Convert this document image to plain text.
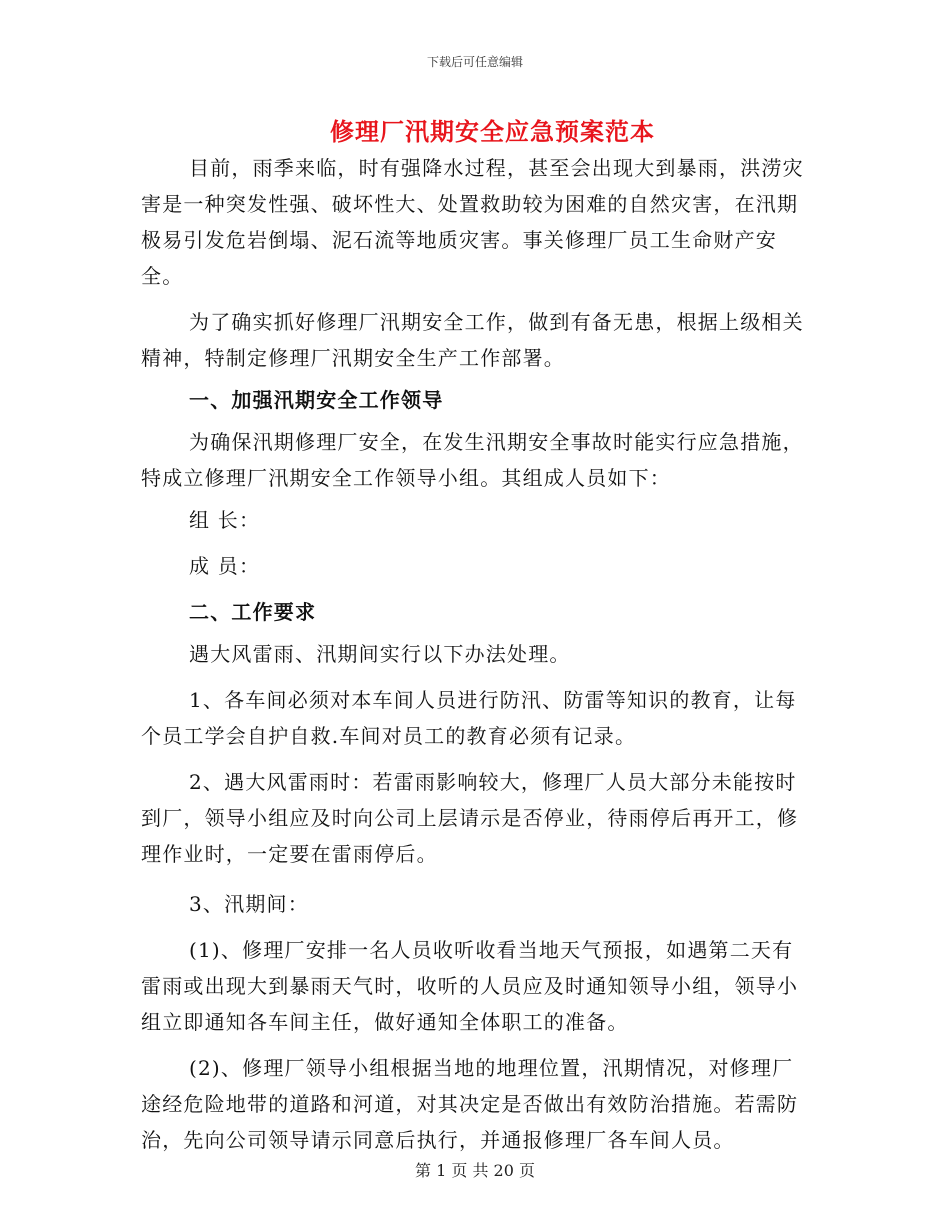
下载后可任意编辑
修理厂汛期安全应急预案范本

目前，雨季来临，时有强降水过程，甚至会出现大到暴雨，洪涝灾害是一种突发性强、破坏性大、处置救助较为困难的自然灾害，在汛期极易引发危岩倒塌、泥石流等地质灾害。事关修理厂员工生命财产安全。

为了确实抓好修理厂汛期安全工作，做到有备无患，根据上级相关精神，特制定修理厂汛期安全生产工作部署。

一、加强汛期安全工作领导

为确保汛期修理厂安全，在发生汛期安全事故时能实行应急措施，特成立修理厂汛期安全工作领导小组。其组成人员如下：

组 长：

成 员：

二、工作要求

遇大风雷雨、汛期间实行以下办法处理。

1、各车间必须对本车间人员进行防汛、防雷等知识的教育，让每个员工学会自护自救.车间对员工的教育必须有记录。

2、遇大风雷雨时：若雷雨影响较大，修理厂人员大部分未能按时到厂，领导小组应及时向公司上层请示是否停业，待雨停后再开工，修理作业时，一定要在雷雨停后。

3、汛期间：

(1)、修理厂安排一名人员收听收看当地天气预报，如遇第二天有雷雨或出现大到暴雨天气时，收听的人员应及时通知领导小组，领导小组立即通知各车间主任，做好通知全体职工的准备。

(2)、修理厂领导小组根据当地的地理位置，汛期情况，对修理厂途经危险地带的道路和河道，对其决定是否做出有效防治措施。若需防治，先向公司领导请示同意后执行，并通报修理厂各车间人员。

第 1 页 共 20 页
